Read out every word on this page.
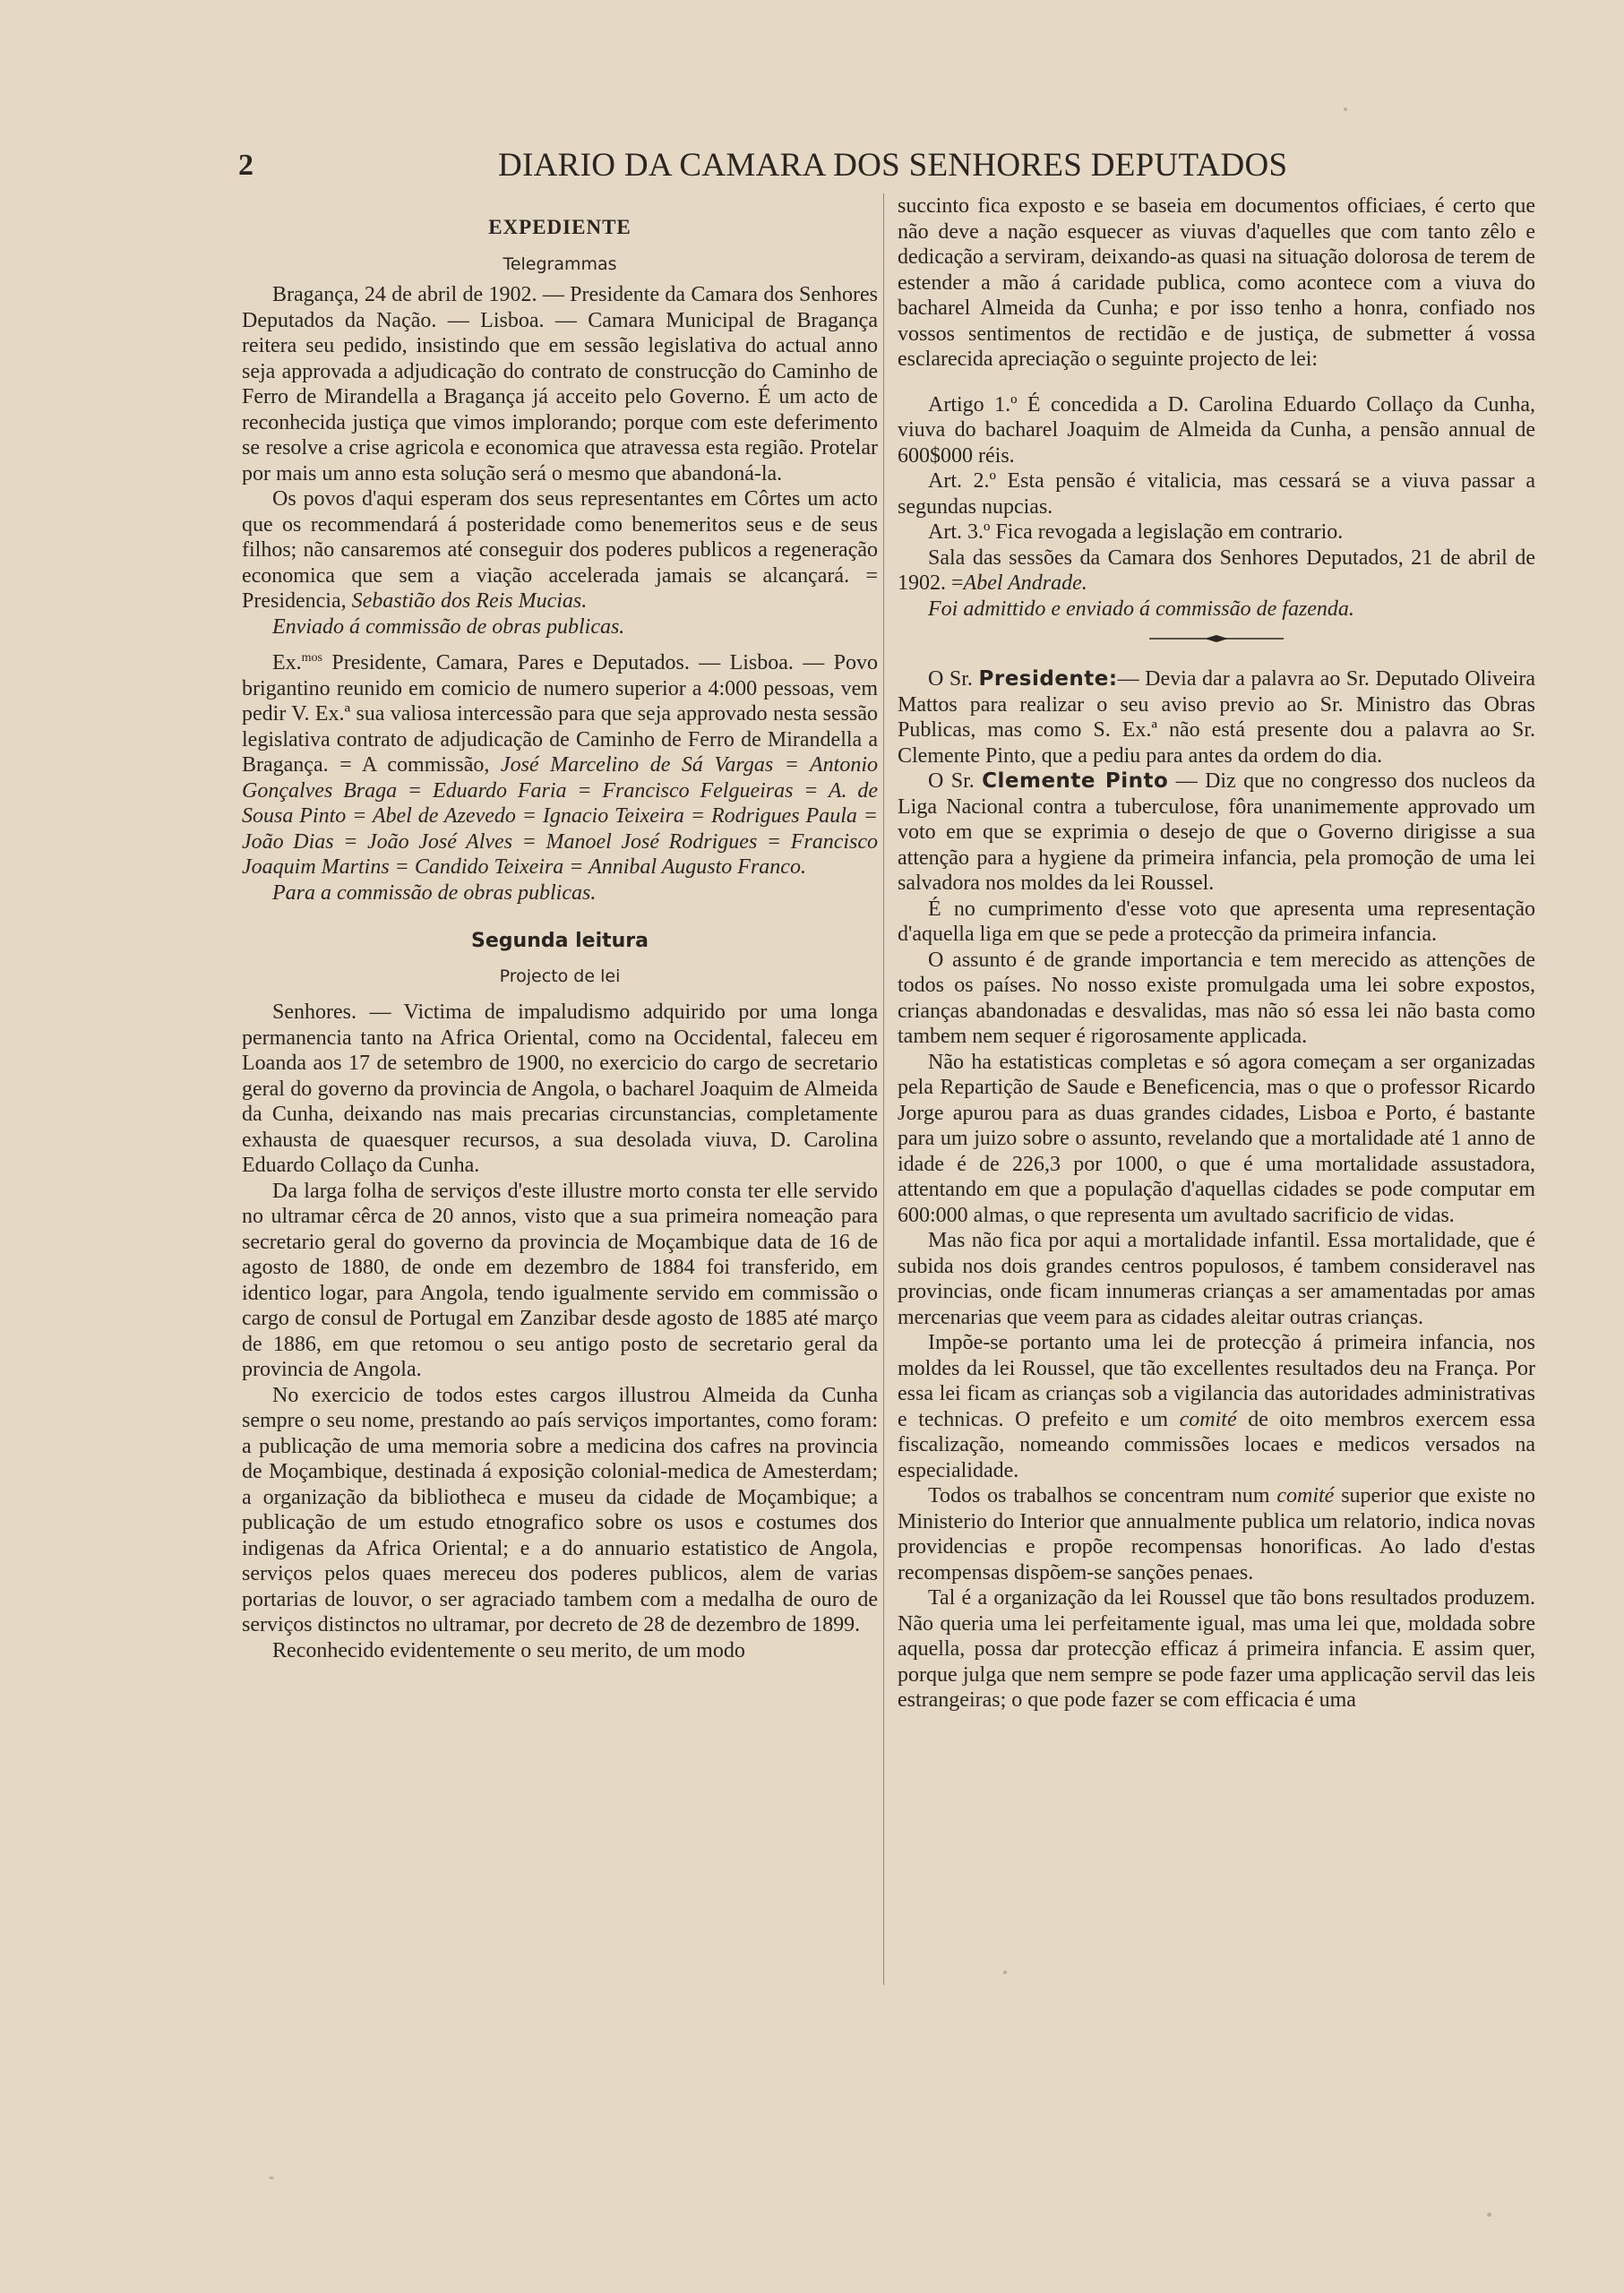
2	DIARIO DA CAMARA DOS SENHORES DEPUTADOS

EXPEDIENTE

Telegrammas

Bragança, 24 de abril de 1902. — Presidente da Camara dos Senhores Deputados da Nação. — Lisboa. — Camara Municipal de Bragança reitera seu pedido, insistindo que em sessão legislativa do actual anno seja approvada a adjudicação do contrato de construcção do Caminho de Ferro de Mirandella a Bragança já acceito pelo Governo. É um acto de reconhecida justiça que vimos implorando; porque com este deferimento se resolve a crise agricola e economica que atravessa esta região. Protelar por mais um anno esta solução será o mesmo que abandoná-la.

Os povos d'aqui esperam dos seus representantes em Côrtes um acto que os recommendará á posteridade como benemeritos seus e de seus filhos; não cansaremos até conseguir dos poderes publicos a regeneração economica que sem a viação accelerada jamais se alcançará. = Presidencia, Sebastião dos Reis Mucias.

Enviado á commissão de obras publicas.

Ex.$^{mos}$ Presidente, Camara, Pares e Deputados. — Lisboa. — Povo brigantino reunido em comicio de numero superior a 4:000 pessoas, vem pedir V. Ex.ª sua valiosa intercessão para que seja approvado nesta sessão legislativa contrato de adjudicação de Caminho de Ferro de Mirandella a Bragança. = A commissão, José Marcelino de Sá Vargas = Antonio Gonçalves Braga = Eduardo Faria = Francisco Felgueiras = A. de Sousa Pinto = Abel de Azevedo = Ignacio Teixeira = Rodrigues Paula = João Dias = João José Alves = Manoel José Rodrigues = Francisco Joaquim Martins = Candido Teixeira = Annibal Augusto Franco.

Para a commissão de obras publicas.

Segunda leitura

Projecto de lei

Senhores. — Victima de impaludismo adquirido por uma longa permanencia tanto na Africa Oriental, como na Occidental, faleceu em Loanda aos 17 de setembro de 1900, no exercicio do cargo de secretario geral do governo da provincia de Angola, o bacharel Joaquim de Almeida da Cunha, deixando nas mais precarias circunstancias, completamente exhausta de quaesquer recursos, a sua desolada viuva, D. Carolina Eduardo Collaço da Cunha.

Da larga folha de serviços d'este illustre morto consta ter elle servido no ultramar cêrca de 20 annos, visto que a sua primeira nomeação para secretario geral do governo da provincia de Moçambique data de 16 de agosto de 1880, de onde em dezembro de 1884 foi transferido, em identico logar, para Angola, tendo igualmente servido em commissão o cargo de consul de Portugal em Zanzibar desde agosto de 1885 até março de 1886, em que retomou o seu antigo posto de secretario geral da provincia de Angola.

No exercicio de todos estes cargos illustrou Almeida da Cunha sempre o seu nome, prestando ao país serviços importantes, como foram: a publicação de uma memoria sobre a medicina dos cafres na provincia de Moçambique, destinada á exposição colonial-medica de Amesterdam; a organização da bibliotheca e museu da cidade de Moçambique; a publicação de um estudo etnografico sobre os usos e costumes dos indigenas da Africa Oriental; e a do annuario estatistico de Angola, serviços pelos quaes mereceu dos poderes publicos, alem de varias portarias de louvor, o ser agraciado tambem com a medalha de ouro de serviços distinctos no ultramar, por decreto de 28 de dezembro de 1899.

Reconhecido evidentemente o seu merito, de um modo

succinto fica exposto e se baseia em documentos officiaes, é certo que não deve a nação esquecer as viuvas d'aquelles que com tanto zêlo e dedicação a serviram, deixando-as quasi na situação dolorosa de terem de estender a mão á caridade publica, como acontece com a viuva do bacharel Almeida da Cunha; e por isso tenho a honra, confiado nos vossos sentimentos de rectidão e de justiça, de submetter á vossa esclarecida apreciação o seguinte projecto de lei:

Artigo 1.º É concedida a D. Carolina Eduardo Collaço da Cunha, viuva do bacharel Joaquim de Almeida da Cunha, a pensão annual de 600$000 réis.

Art. 2.º Esta pensão é vitalicia, mas cessará se a viuva passar a segundas nupcias.

Art. 3.º Fica revogada a legislação em contrario.

Sala das sessões da Camara dos Senhores Deputados, 21 de abril de 1902. =Abel Andrade.

Foi admittido e enviado á commissão de fazenda.

O Sr. Presidente:— Devia dar a palavra ao Sr. Deputado Oliveira Mattos para realizar o seu aviso previo ao Sr. Ministro das Obras Publicas, mas como S. Ex.ª não está presente dou a palavra ao Sr. Clemente Pinto, que a pediu para antes da ordem do dia.

O Sr. Clemente Pinto — Diz que no congresso dos nucleos da Liga Nacional contra a tuberculose, fôra unanimemente approvado um voto em que se exprimia o desejo de que o Governo dirigisse a sua attenção para a hygiene da primeira infancia, pela promoção de uma lei salvadora nos moldes da lei Roussel.

É no cumprimento d'esse voto que apresenta uma representação d'aquella liga em que se pede a protecção da primeira infancia.

O assunto é de grande importancia e tem merecido as attenções de todos os países. No nosso existe promulgada uma lei sobre expostos, crianças abandonadas e desvalidas, mas não só essa lei não basta como tambem nem sequer é rigorosamente applicada.

Não ha estatisticas completas e só agora começam a ser organizadas pela Repartição de Saude e Beneficencia, mas o que o professor Ricardo Jorge apurou para as duas grandes cidades, Lisboa e Porto, é bastante para um juizo sobre o assunto, revelando que a mortalidade até 1 anno de idade é de 226,3 por 1000, o que é uma mortalidade assustadora, attentando em que a população d'aquellas cidades se pode computar em 600:000 almas, o que representa um avultado sacrificio de vidas.

Mas não fica por aqui a mortalidade infantil. Essa mortalidade, que é subida nos dois grandes centros populosos, é tambem consideravel nas provincias, onde ficam innumeras crianças a ser amamentadas por amas mercenarias que veem para as cidades aleitar outras crianças.

Impõe-se portanto uma lei de protecção á primeira infancia, nos moldes da lei Roussel, que tão excellentes resultados deu na França. Por essa lei ficam as crianças sob a vigilancia das autoridades administrativas e technicas. O prefeito e um comité de oito membros exercem essa fiscalização, nomeando commissões locaes e medicos versados na especialidade.

Todos os trabalhos se concentram num comité superior que existe no Ministerio do Interior que annualmente publica um relatorio, indica novas providencias e propõe recompensas honorificas. Ao lado d'estas recompensas dispõem-se sanções penaes.

Tal é a organização da lei Roussel que tão bons resultados produzem. Não queria uma lei perfeitamente igual, mas uma lei que, moldada sobre aquella, possa dar protecção efficaz á primeira infancia. E assim quer, porque julga que nem sempre se pode fazer uma applicação servil das leis estrangeiras; o que pode fazer se com efficacia é uma
